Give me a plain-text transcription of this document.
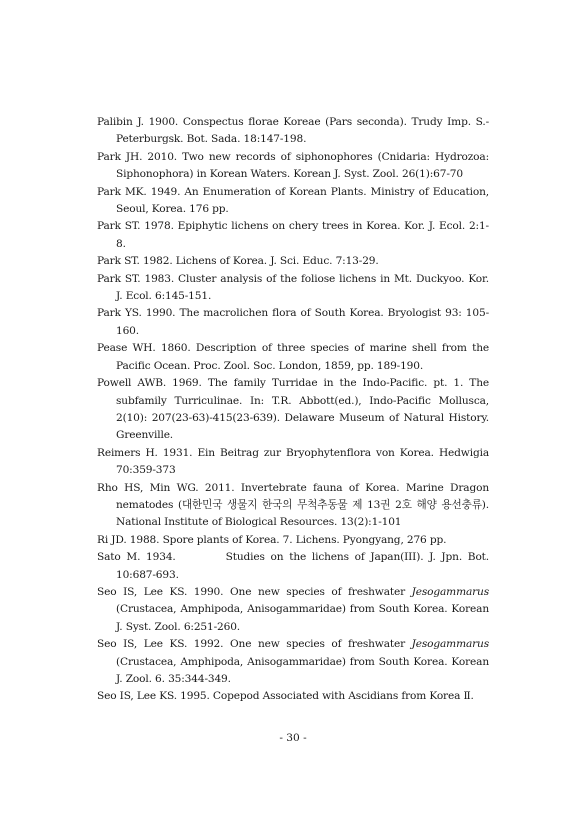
Palibin J. 1900. Conspectus florae Koreae (Pars seconda). Trudy Imp. S.-Peterburgsk. Bot. Sada. 18:147-198.
Park JH. 2010. Two new records of siphonophores (Cnidaria: Hydrozoa: Siphonophora) in Korean Waters. Korean J. Syst. Zool. 26(1):67-70
Park MK. 1949. An Enumeration of Korean Plants. Ministry of Education, Seoul, Korea. 176 pp.
Park ST. 1978. Epiphytic lichens on chery trees in Korea. Kor. J. Ecol. 2:1-8.
Park ST. 1982. Lichens of Korea. J. Sci. Educ. 7:13-29.
Park ST. 1983. Cluster analysis of the foliose lichens in Mt. Duckyoo. Kor. J. Ecol. 6:145-151.
Park YS. 1990. The macrolichen flora of South Korea. Bryologist 93: 105-160.
Pease WH. 1860. Description of three species of marine shell from the Pacific Ocean. Proc. Zool. Soc. London, 1859, pp. 189-190.
Powell AWB. 1969. The family Turridae in the Indo-Pacific. pt. 1. The subfamily Turriculinae. In: T.R. Abbott(ed.), Indo-Pacific Mollusca, 2(10): 207(23-63)-415(23-639). Delaware Museum of Natural History. Greenville.
Reimers H. 1931. Ein Beitrag zur Bryophytenflora von Korea. Hedwigia 70:359-373
Rho HS, Min WG. 2011. Invertebrate fauna of Korea. Marine Dragon nematodes (대한민국 생물지 한국의 무척추동물 제 13권 2호 해양 용선충류). National Institute of Biological Resources. 13(2):1-101
Ri JD. 1988. Spore plants of Korea. 7. Lichens. Pyongyang, 276 pp.
Sato M. 1934.	Studies on the lichens of Japan(III). J. Jpn. Bot. 10:687-693.
Seo IS, Lee KS. 1990. One new species of freshwater Jesogammarus (Crustacea, Amphipoda, Anisogammaridae) from South Korea. Korean J. Syst. Zool. 6:251-260.
Seo IS, Lee KS. 1992. One new species of freshwater Jesogammarus (Crustacea, Amphipoda, Anisogammaridae) from South Korea. Korean J. Zool. 6. 35:344-349.
Seo IS, Lee KS. 1995. Copepod Associated with Ascidians from Korea Ⅱ.
- 30 -
